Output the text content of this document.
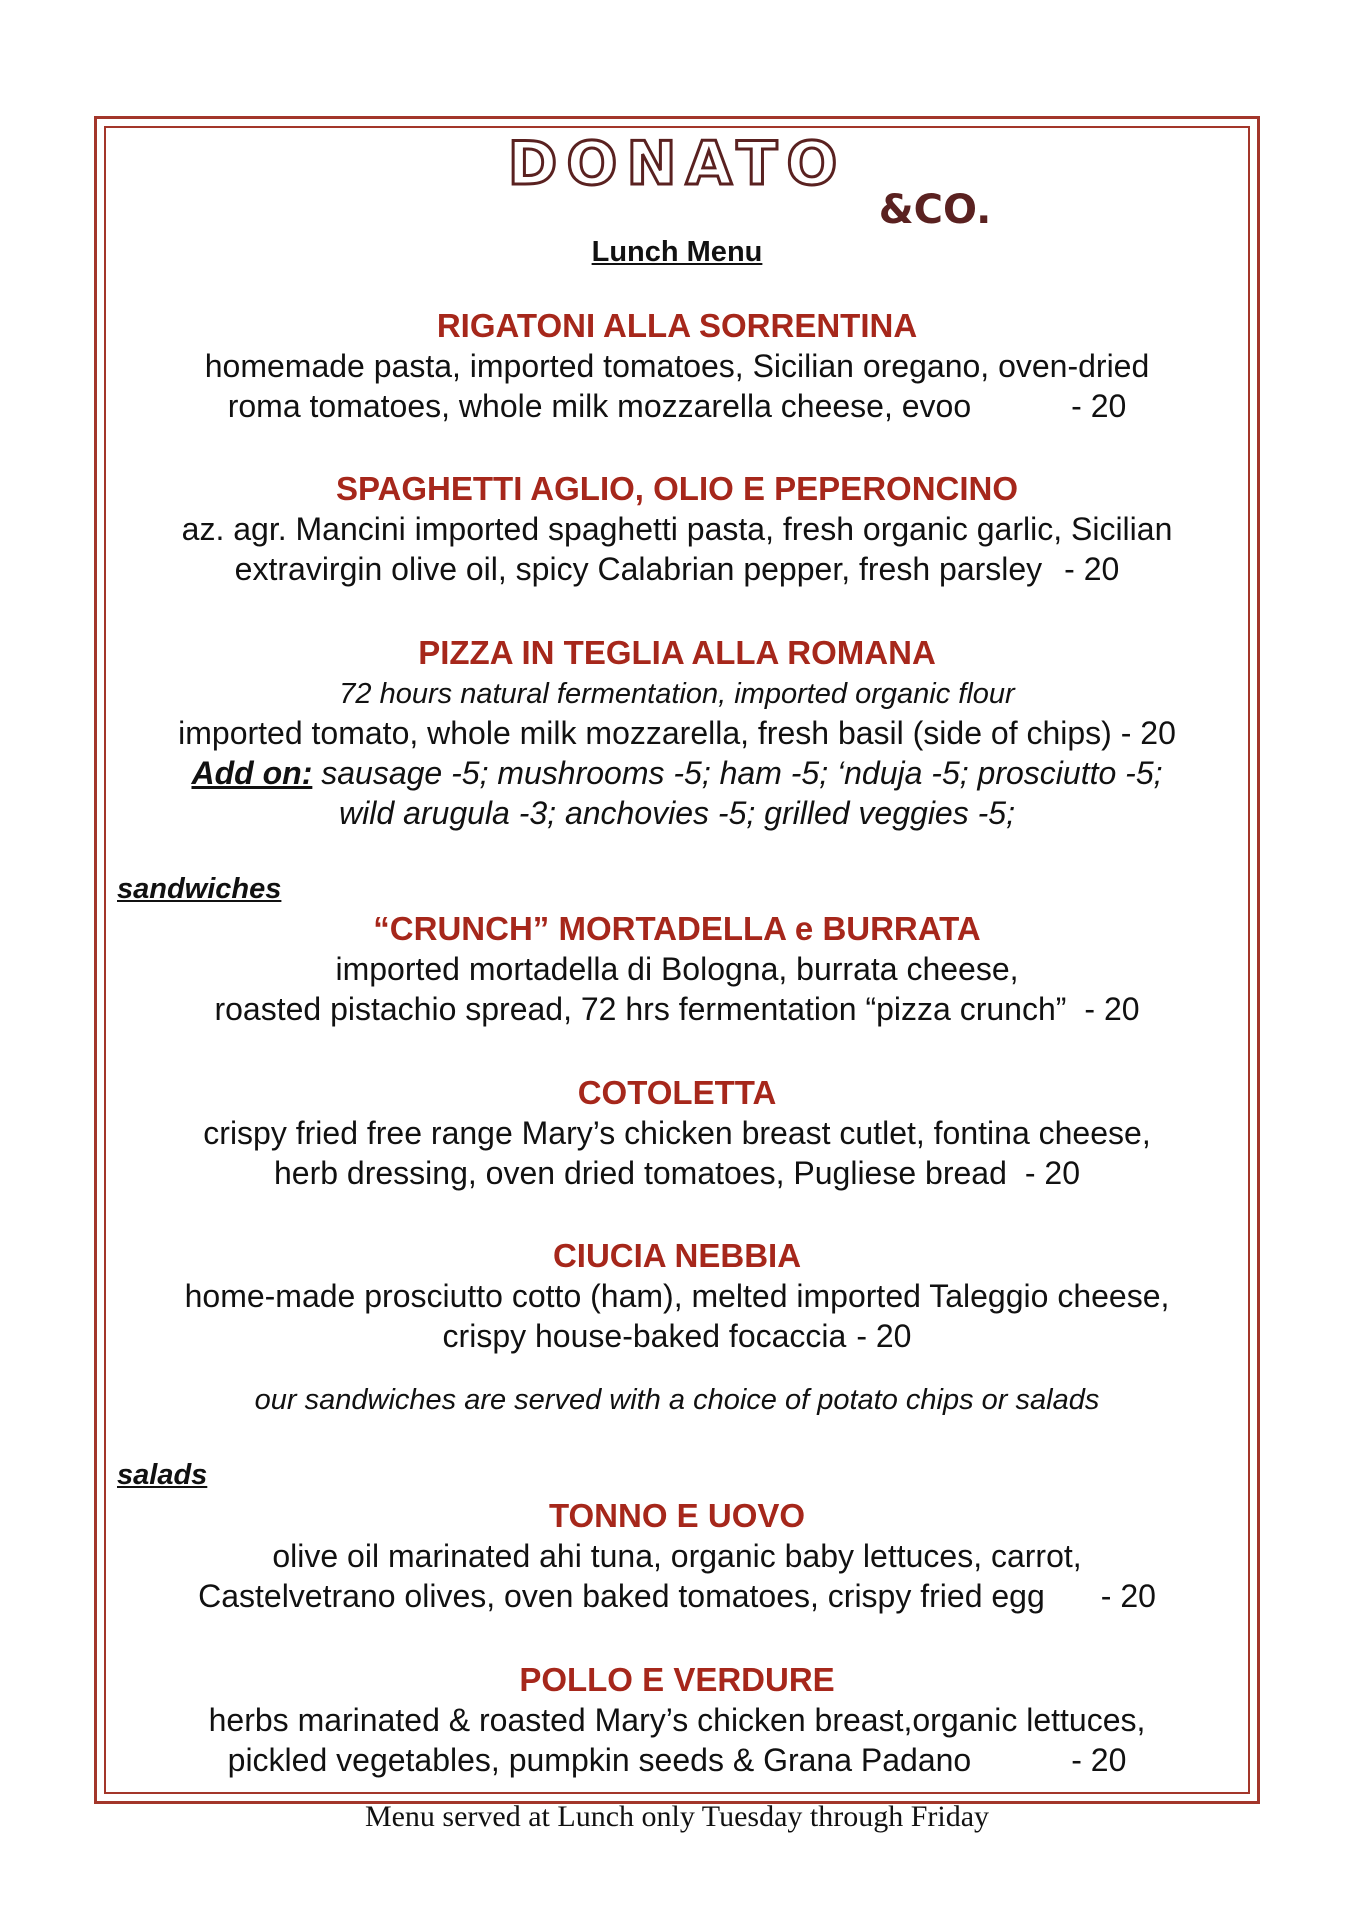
DONATO
&CO.
Lunch Menu
RIGATONI ALLA SORRENTINA
homemade pasta, imported tomatoes, Sicilian oregano, oven-dried
roma tomatoes, whole milk mozzarella cheese, evoo	- 20
SPAGHETTI AGLIO, OLIO E PEPERONCINO
az. agr. Mancini imported spaghetti pasta, fresh organic garlic, Sicilian
extravirgin olive oil, spicy Calabrian pepper, fresh parsley - 20
PIZZA IN TEGLIA ALLA ROMANA
72 hours natural fermentation, imported organic flour
imported tomato, whole milk mozzarella, fresh basil (side of chips) - 20
Add on: sausage -5; mushrooms -5; ham -5; ‘nduja -5; prosciutto -5;
wild arugula -3; anchovies -5; grilled veggies -5;
sandwiches
“CRUNCH” MORTADELLA e BURRATA
imported mortadella di Bologna, burrata cheese,
roasted pistachio spread, 72 hrs fermentation “pizza crunch” - 20
COTOLETTA
crispy fried free range Mary’s chicken breast cutlet, fontina cheese,
herb dressing, oven dried tomatoes, Pugliese bread - 20
CIUCIA NEBBIA
home-made prosciutto cotto (ham), melted imported Taleggio cheese,
crispy house-baked focaccia - 20
our sandwiches are served with a choice of potato chips or salads
salads
TONNO E UOVO
olive oil marinated ahi tuna, organic baby lettuces, carrot,
Castelvetrano olives, oven baked tomatoes, crispy fried egg - 20
POLLO E VERDURE
herbs marinated & roasted Mary’s chicken breast,organic lettuces,
pickled vegetables, pumpkin seeds & Grana Padano	- 20
Menu served at Lunch only Tuesday through Friday
